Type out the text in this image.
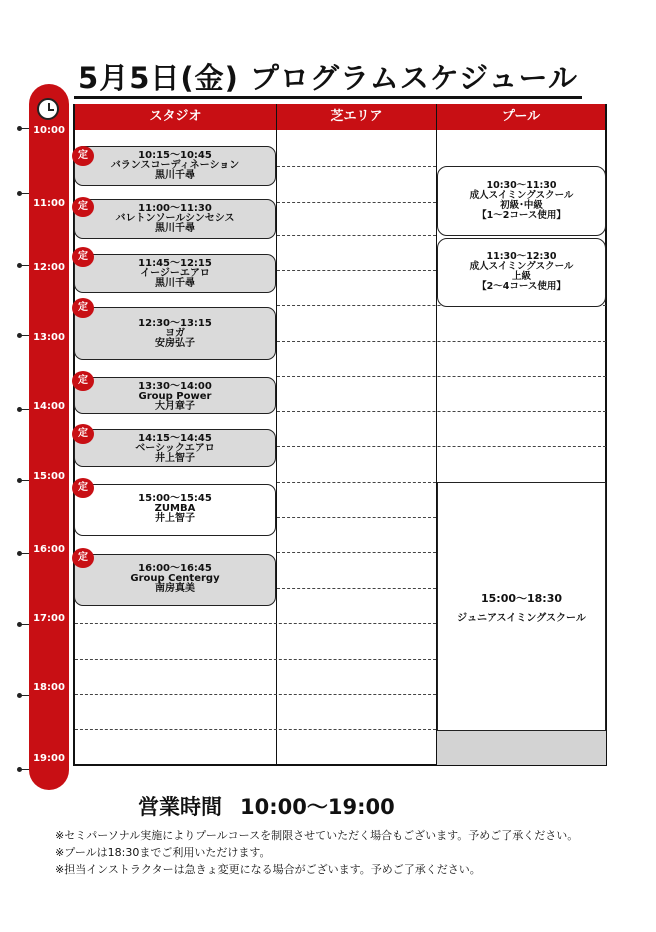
5月5日(金) プログラムスケジュール
10:00
11:00
12:00
13:00
14:00
15:00
16:00
17:00
18:00
19:00
スタジオ	芝エリア	プール
10:15～10:45
バランスコーディネーション
黒川千尋
11:00～11:30
バレトンソールシンセシス
黒川千尋
11:45～12:15
イージーエアロ
黒川千尋
12:30～13:15
ヨガ
安房弘子
13:30～14:00
Group Power
大月章子
14:15～14:45
ベーシックエアロ
井上智子
15:00～15:45
ZUMBA
井上智子
16:00～16:45
Group Centergy
南房真美
定
定
定
定
定
定
定
定
10:30～11:30
成人スイミングスクール
初級･中級
【1～2コース使用】
11:30～12:30
成人スイミングスクール
上級
【2～4コース使用】
15:00～18:30
ジュニアスイミングスクール
営業時間 10:00～19:00
※セミパーソナル実施によりプールコースを制限させていただく場合もございます。予めご了承ください。
※プールは18:30までご利用いただけます。
※担当インストラクターは急きょ変更になる場合がございます。予めご了承ください。
